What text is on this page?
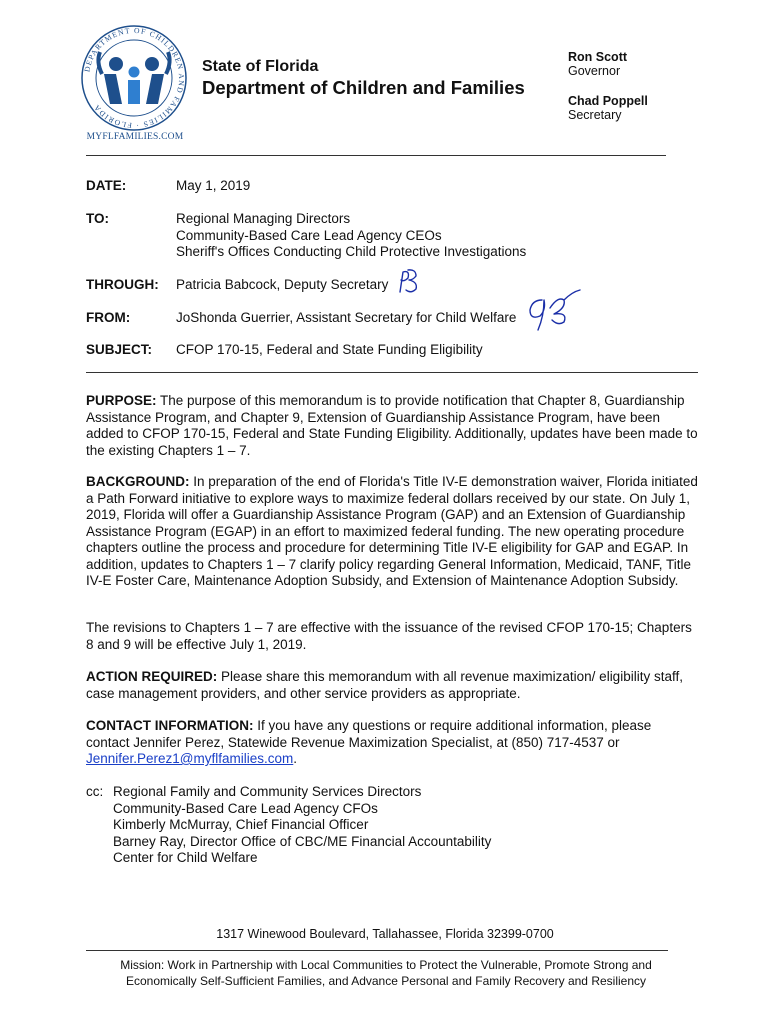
DEPARTMENT OF CHILDREN AND FAMILIES · FLORIDA
MYFLFAMILIES.COM
State of Florida
Department of Children and Families
Ron Scott
Governor
Chad Poppell
Secretary
DATE:	May 1, 2019
TO:	Regional Managing Directors
Community-Based Care Lead Agency CEOs
Sheriff's Offices Conducting Child Protective Investigations
THROUGH: Patricia Babcock, Deputy Secretary
FROM:	JoShonda Guerrier, Assistant Secretary for Child Welfare
SUBJECT: CFOP 170-15, Federal and State Funding Eligibility
PURPOSE: The purpose of this memorandum is to provide notification that Chapter 8, Guardianship Assistance Program, and Chapter 9, Extension of Guardianship Assistance Program, have been added to CFOP 170-15, Federal and State Funding Eligibility. Additionally, updates have been made to the existing Chapters 1 – 7.
BACKGROUND: In preparation of the end of Florida's Title IV-E demonstration waiver, Florida initiated a Path Forward initiative to explore ways to maximize federal dollars received by our state. On July 1, 2019, Florida will offer a Guardianship Assistance Program (GAP) and an Extension of Guardianship Assistance Program (EGAP) in an effort to maximized federal funding. The new operating procedure chapters outline the process and procedure for determining Title IV-E eligibility for GAP and EGAP. In addition, updates to Chapters 1 – 7 clarify policy regarding General Information, Medicaid, TANF, Title IV-E Foster Care, Maintenance Adoption Subsidy, and Extension of Maintenance Adoption Subsidy.
The revisions to Chapters 1 – 7 are effective with the issuance of the revised CFOP 170-15; Chapters 8 and 9 will be effective July 1, 2019.
ACTION REQUIRED: Please share this memorandum with all revenue maximization/ eligibility staff, case management providers, and other service providers as appropriate.
CONTACT INFORMATION: If you have any questions or require additional information, please contact Jennifer Perez, Statewide Revenue Maximization Specialist, at (850) 717-4537 or Jennifer.Perez1@myflfamilies.com.
cc: Regional Family and Community Services Directors
Community-Based Care Lead Agency CFOs
Kimberly McMurray, Chief Financial Officer
Barney Ray, Director Office of CBC/ME Financial Accountability
Center for Child Welfare
1317 Winewood Boulevard, Tallahassee, Florida 32399-0700
Mission: Work in Partnership with Local Communities to Protect the Vulnerable, Promote Strong and Economically Self-Sufficient Families, and Advance Personal and Family Recovery and Resiliency
